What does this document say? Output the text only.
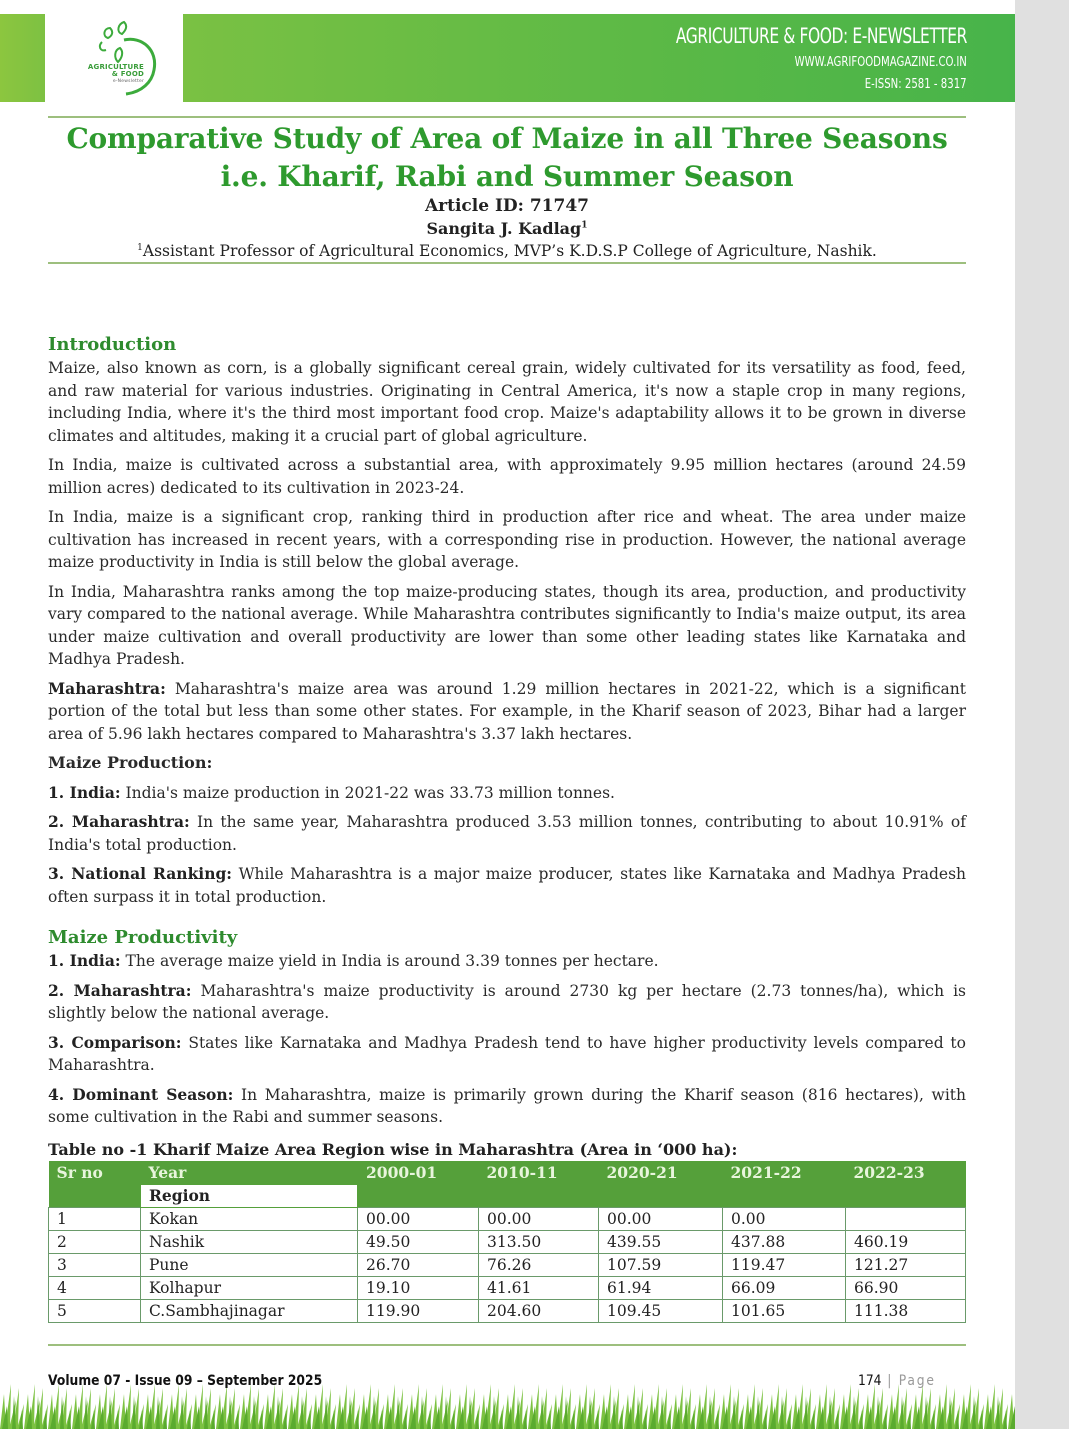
AGRICULTURE
& FOOD
e-Newsletter
AGRICULTURE & FOOD: E-NEWSLETTER
WWW.AGRIFOODMAGAZINE.CO.IN
E-ISSN: 2581 - 8317
Comparative Study of Area of Maize in all Three Seasons
i.e. Kharif, Rabi and Summer Season
Article ID: 71747
Sangita J. Kadlag$^1$
$^1$Assistant Professor of Agricultural Economics, MVP’s K.D.S.P College of Agriculture, Nashik.
Introduction
Maize, also known as corn, is a globally significant cereal grain, widely cultivated for its versatility as food, feed, and raw material for various industries. Originating in Central America, it's now a staple crop in many regions, including India, where it's the third most important food crop. Maize's adaptability allows it to be grown in diverse climates and altitudes, making it a crucial part of global agriculture.
In India, maize is cultivated across a substantial area, with approximately 9.95 million hectares (around 24.59 million acres) dedicated to its cultivation in 2023-24.
In India, maize is a significant crop, ranking third in production after rice and wheat. The area under maize cultivation has increased in recent years, with a corresponding rise in production. However, the national average maize productivity in India is still below the global average.
In India, Maharashtra ranks among the top maize-producing states, though its area, production, and productivity vary compared to the national average. While Maharashtra contributes significantly to India's maize output, its area under maize cultivation and overall productivity are lower than some other leading states like Karnataka and Madhya Pradesh.
Maharashtra: Maharashtra's maize area was around 1.29 million hectares in 2021-22, which is a significant portion of the total but less than some other states. For example, in the Kharif season of 2023, Bihar had a larger area of 5.96 lakh hectares compared to Maharashtra's 3.37 lakh hectares.
Maize Production:
1. India: India's maize production in 2021-22 was 33.73 million tonnes.
2. Maharashtra: In the same year, Maharashtra produced 3.53 million tonnes, contributing to about 10.91% of India's total production.
3. National Ranking: While Maharashtra is a major maize producer, states like Karnataka and Madhya Pradesh often surpass it in total production.
Maize Productivity
1. India: The average maize yield in India is around 3.39 tonnes per hectare.
2. Maharashtra: Maharashtra's maize productivity is around 2730 kg per hectare (2.73 tonnes/ha), which is slightly below the national average.
3. Comparison: States like Karnataka and Madhya Pradesh tend to have higher productivity levels compared to Maharashtra.
4. Dominant Season: In Maharashtra, maize is primarily grown during the Kharif season (816 hectares), with some cultivation in the Rabi and summer seasons.
Table no -1 Kharif Maize Area Region wise in Maharashtra (Area in ‘000 ha):
Sr no	Year	2000-01	2010-11	2020-21	2021-22	2022-23
	Region					
1	Kokan	00.00	00.00	00.00	0.00	
2	Nashik	49.50	313.50	439.55	437.88	460.19
3	Pune	26.70	76.26	107.59	119.47	121.27
4	Kolhapur	19.10	41.61	61.94	66.09	66.90
5	C.Sambhajinagar	119.90	204.60	109.45	101.65	111.38
Volume 07 - Issue 09 – September 2025	174 | Page
